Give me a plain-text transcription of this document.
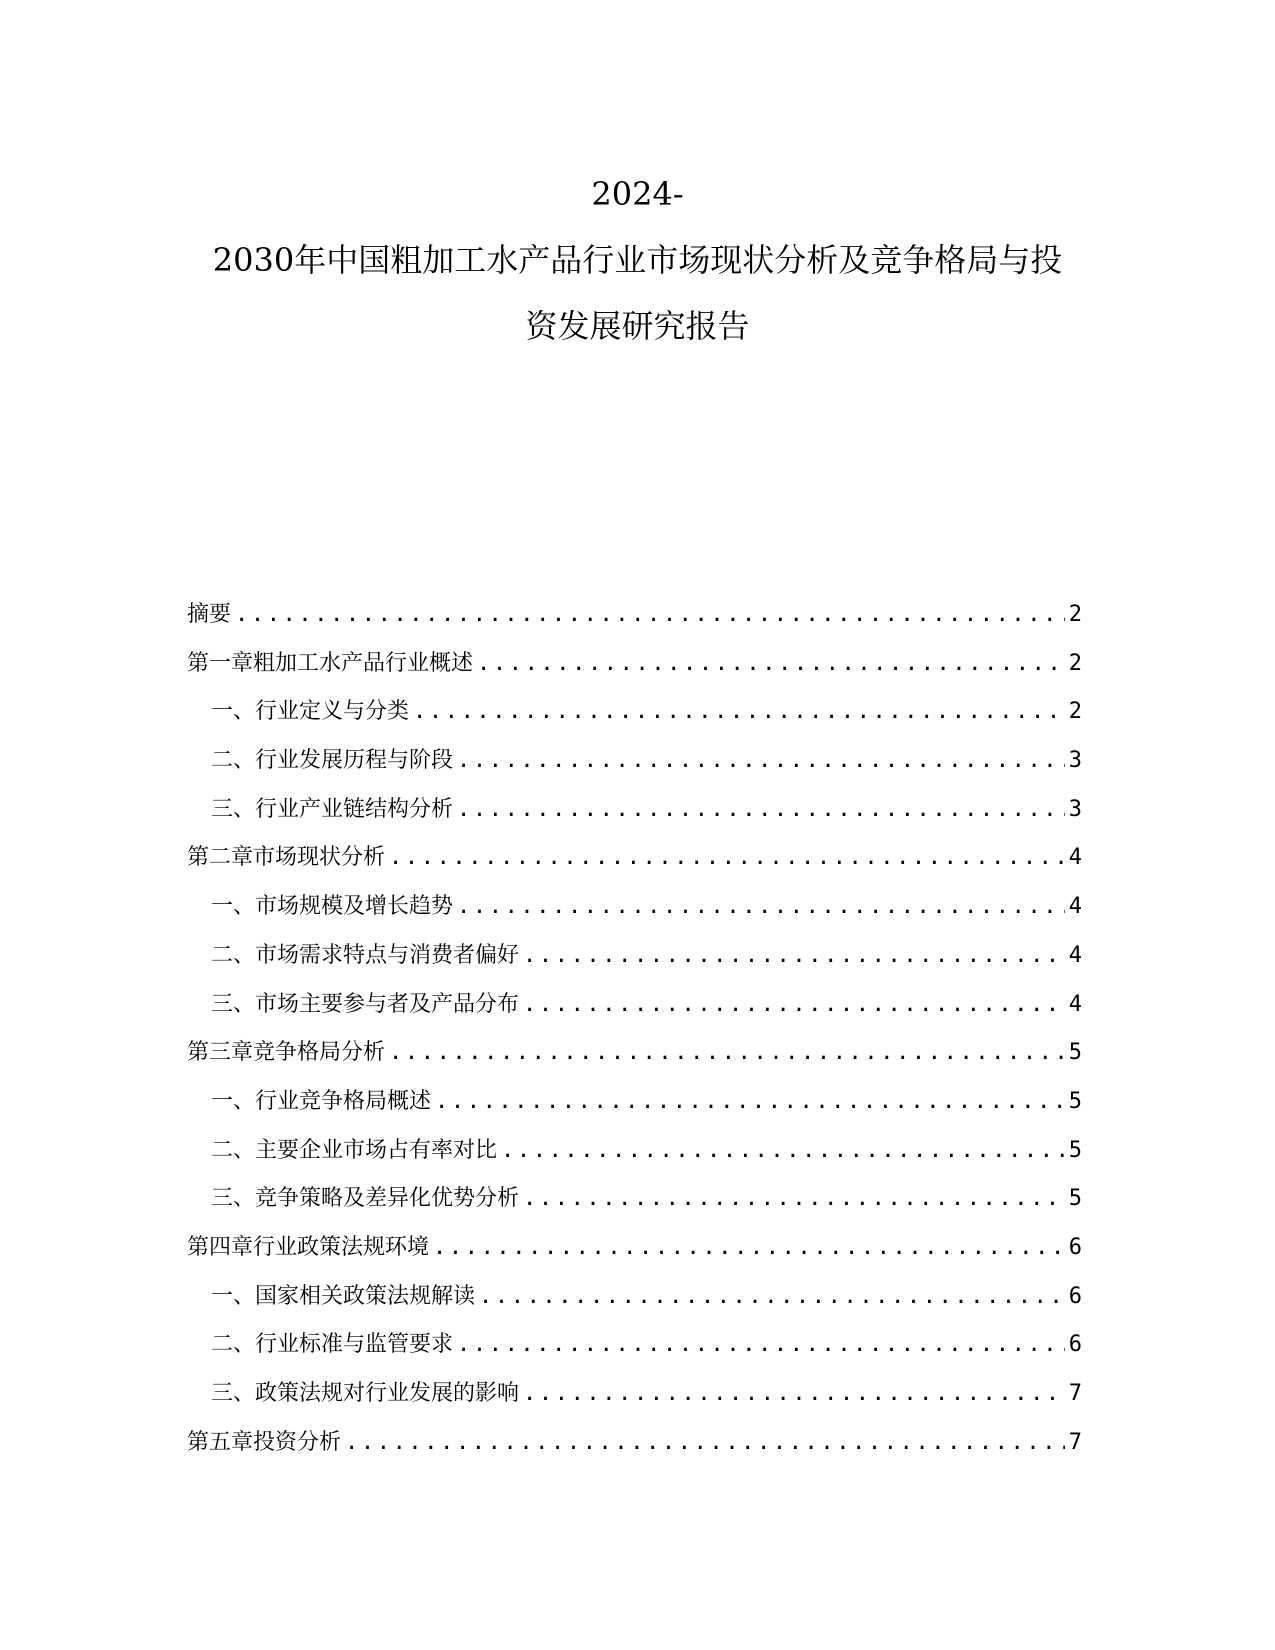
2024-
2030年中国粗加工水产品行业市场现状分析及竞争格局与投
资发展研究报告
摘要 .....	2
第一章 粗加工水产品行业概述 .....	2
一、 行业定义与分类 .....	2
二、 行业发展历程与阶段 .....	3
三、 行业产业链结构分析 .....	3
第二章 市场现状分析 .....	4
一、 市场规模及增长趋势 .....	4
二、 市场需求特点与消费者偏好 .....	4
三、 市场主要参与者及产品分布 .....	4
第三章 竞争格局分析 .....	5
一、 行业竞争格局概述 .....	5
二、 主要企业市场占有率对比 .....	5
三、 竞争策略及差异化优势分析 .....	5
第四章 行业政策法规环境 .....	6
一、 国家相关政策法规解读 .....	6
二、 行业标准与监管要求 .....	6
三、 政策法规对行业发展的影响 .....	7
第五章 投资分析 .....	7
